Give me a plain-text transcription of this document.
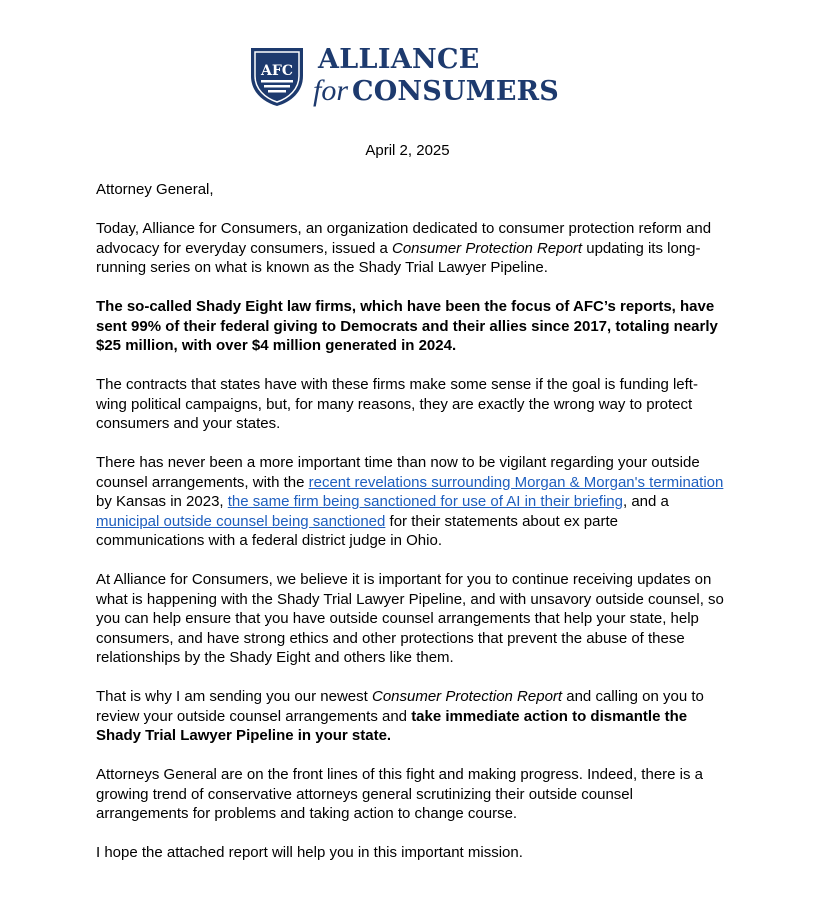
AFC ALLIANCE
for CONSUMERS
April 2, 2025

Attorney General,

Today, Alliance for Consumers, an organization dedicated to consumer protection reform and advocacy for everyday consumers, issued a Consumer Protection Report updating its long-running series on what is known as the Shady Trial Lawyer Pipeline.

The so-called Shady Eight law firms, which have been the focus of AFC’s reports, have sent 99% of their federal giving to Democrats and their allies since 2017, totaling nearly $25 million, with over $4 million generated in 2024.

The contracts that states have with these firms make some sense if the goal is funding left-wing political campaigns, but, for many reasons, they are exactly the wrong way to protect consumers and your states.

There has never been a more important time than now to be vigilant regarding your outside counsel arrangements, with the recent revelations surrounding Morgan & Morgan's termination by Kansas in 2023, the same firm being sanctioned for use of AI in their briefing, and a municipal outside counsel being sanctioned for their statements about ex parte communications with a federal district judge in Ohio.

At Alliance for Consumers, we believe it is important for you to continue receiving updates on what is happening with the Shady Trial Lawyer Pipeline, and with unsavory outside counsel, so you can help ensure that you have outside counsel arrangements that help your state, help consumers, and have strong ethics and other protections that prevent the abuse of these relationships by the Shady Eight and others like them.

That is why I am sending you our newest Consumer Protection Report and calling on you to review your outside counsel arrangements and take immediate action to dismantle the Shady Trial Lawyer Pipeline in your state.

Attorneys General are on the front lines of this fight and making progress. Indeed, there is a growing trend of conservative attorneys general scrutinizing their outside counsel arrangements for problems and taking action to change course.

I hope the attached report will help you in this important mission.
